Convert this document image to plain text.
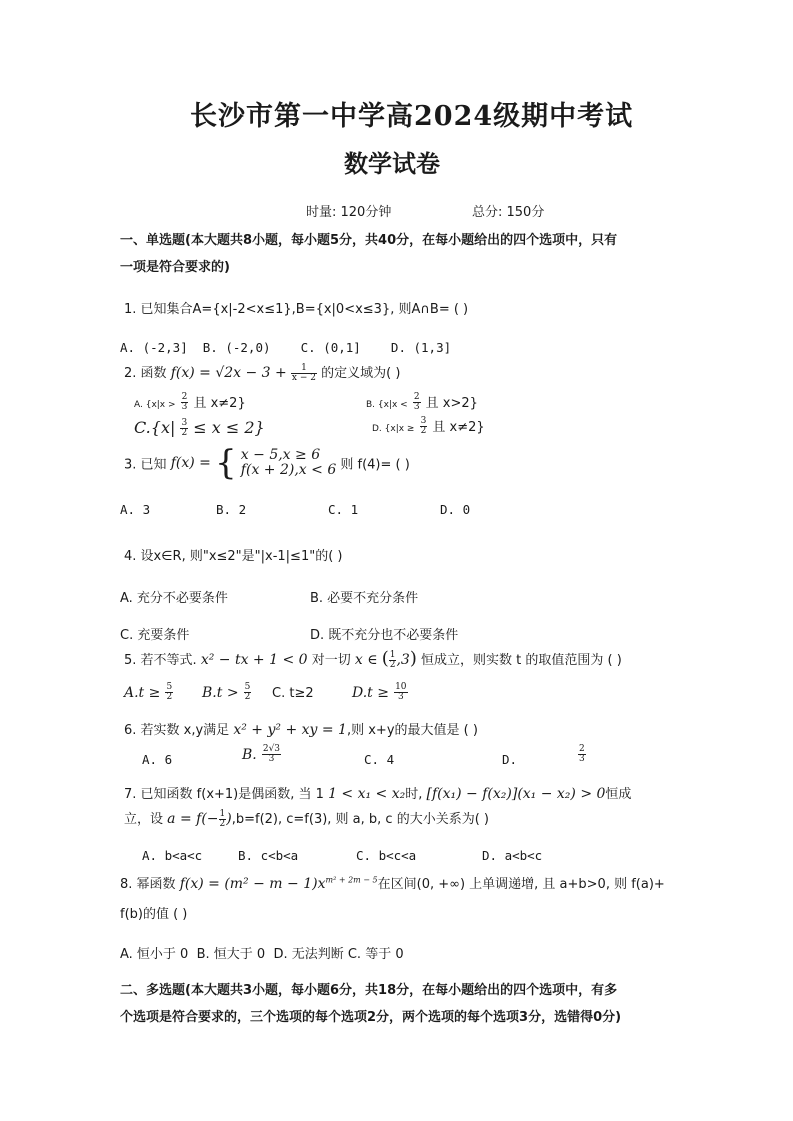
长沙市第一中学高2024级期中考试
数学试卷
时量: 120分钟	总分: 150分
一、单选题(本大题共8小题，每小题5分，共40分，在每小题给出的四个选项中，只有
一项是符合要求的)
1. 已知集合A={x|-2<x≤1},B={x|0<x≤3}, 则A∩B= ( )
A. (-2,3]  B. (-2,0)    C. (0,1]    D. (1,3]
2. 函数 $f(x) = √2x - 3 + \frac{1}{x - 2}$ 的定义域为( )
A. {$x|x > \frac{2}{3}$ 且 x≠2}	B. {$x|x < \frac{2}{3}$ 且 x>2}
$C.\{x| \frac{3}{2} \le x \le 2\}$	D. {$x|x \ge \frac{3}{2}$ 且 x≠2}
3. 已知 f(x) = { x − 5,x ≥ 6
f(x + 2),x < 6 则 f(4)= ( )
A. 3	B. 2	C. 1	D. 0
4. 设x∈R, 则"x≤2"是"|x-1|≤1"的( )
A. 充分不必要条件	B. 必要不充分条件
C. 充要条件	D. 既不充分也不必要条件
5. 若不等式. x² − tx + 1 < 0 对一切 x ∈ ( $\frac{1}{2} ,3$) 恒成立，则实数 t 的取值范围为 ( )
$A.t \ge \frac{5}{2} B.t > \frac{5}{2} C$. t≥2	$D.t \ge \frac{10}{3}$
6. 若实数 x,y满足 x² + y² + xy = 1,则 x+y的最大值是 ( )
A. 6	B. $\frac{2√3}{3}$	C. 4	D.	$\frac{2}{3}$
7. 已知函数 f(x+1)是偶函数, 当 1 1 < x₁ < x₂时, [f(x₁) − f(x₂)](x₁ − x₂) > 0恒成
立，设 $a = f(- \frac{1}{2} ),b=f(2)$, c=f(3), 则 a, b, c 的大小关系为( )
A. b<a<c	B. c<b<a	C. b<c<a	D. a<b<c
8. 幂函数 $f(x) = (m^2 - m - 1)x^{m^2 + 2m - 5}$在区间(0, +∞) 上单调递增, 且 a+b>0, 则 f(a)+
f(b)的值 ( )
A. 恒小于 0  B. 恒大于 0  D. 无法判断 C. 等于 0
二、多选题(本大题共3小题，每小题6分，共18分，在每小题给出的四个选项中，有多
个选项是符合要求的，三个选项的每个选项2分，两个选项的每个选项3分，选错得0分)
